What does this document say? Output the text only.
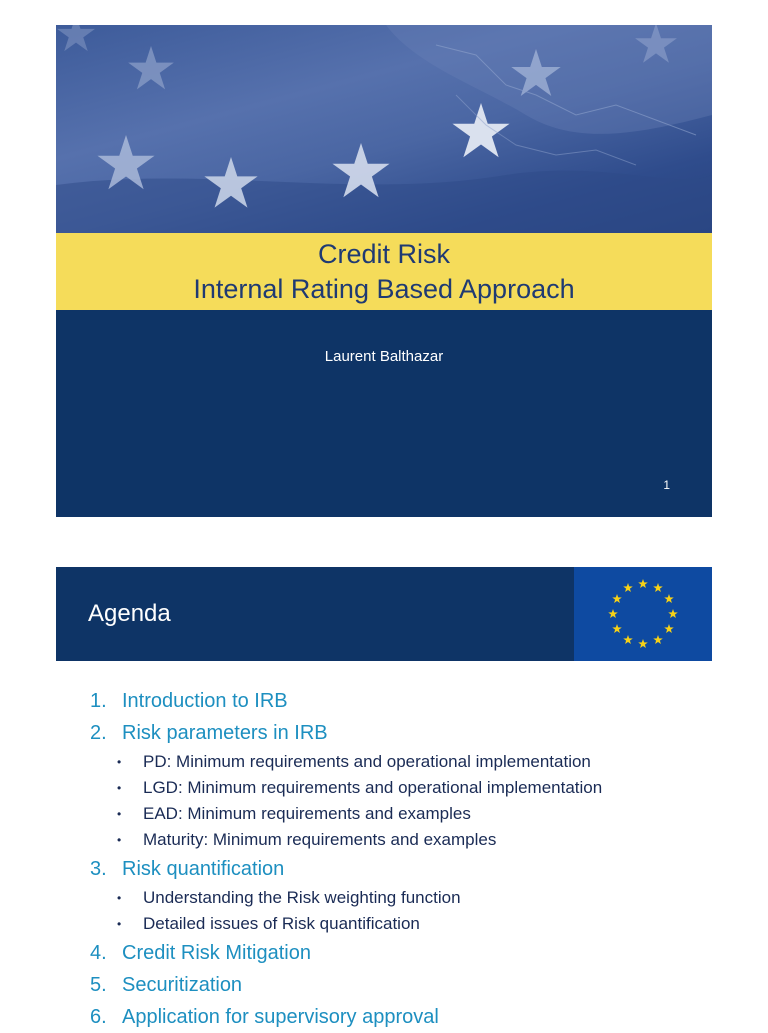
Credit Risk
Internal Rating Based Approach
Laurent Balthazar
1
Agenda
1. Introduction to IRB
2. Risk parameters in IRB
• PD: Minimum requirements and operational implementation
• LGD: Minimum requirements and operational implementation
• EAD: Minimum requirements and examples
• Maturity: Minimum requirements and examples
3. Risk quantification
• Understanding the Risk weighting function
• Detailed issues of Risk quantification
4. Credit Risk Mitigation
5. Securitization
6. Application for supervisory approval
